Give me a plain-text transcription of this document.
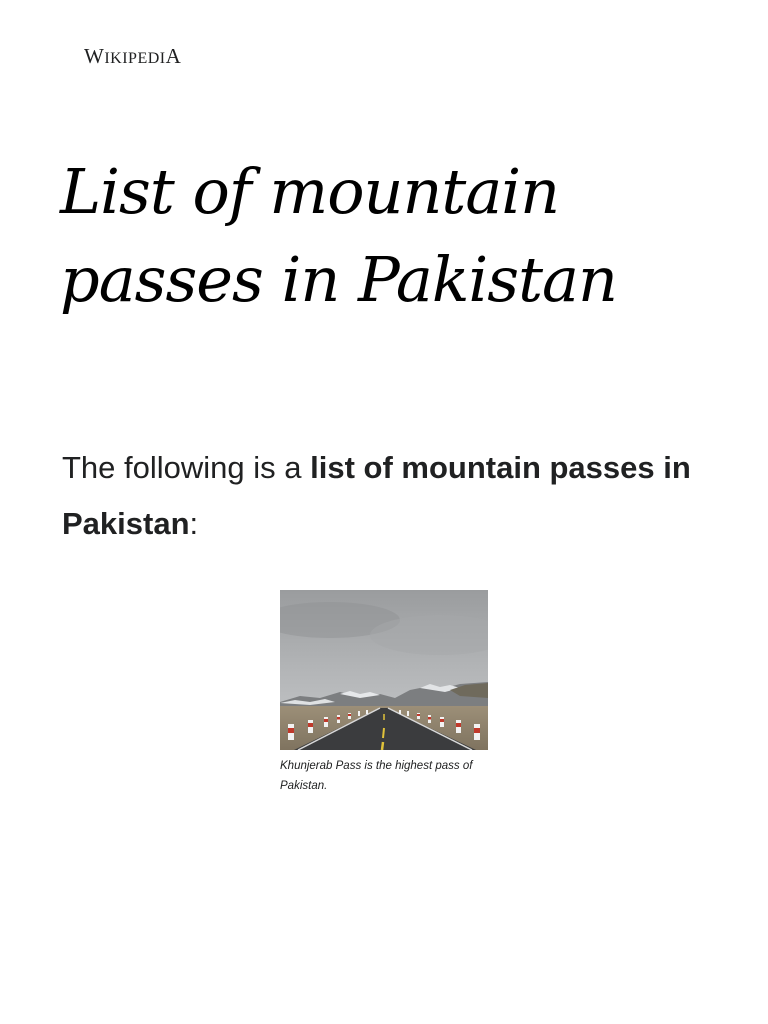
WIKIPEDIA
List of mountain passes in Pakistan

The following is a list of mountain passes in Pakistan:

Khunjerab Pass is the highest pass of Pakistan.
